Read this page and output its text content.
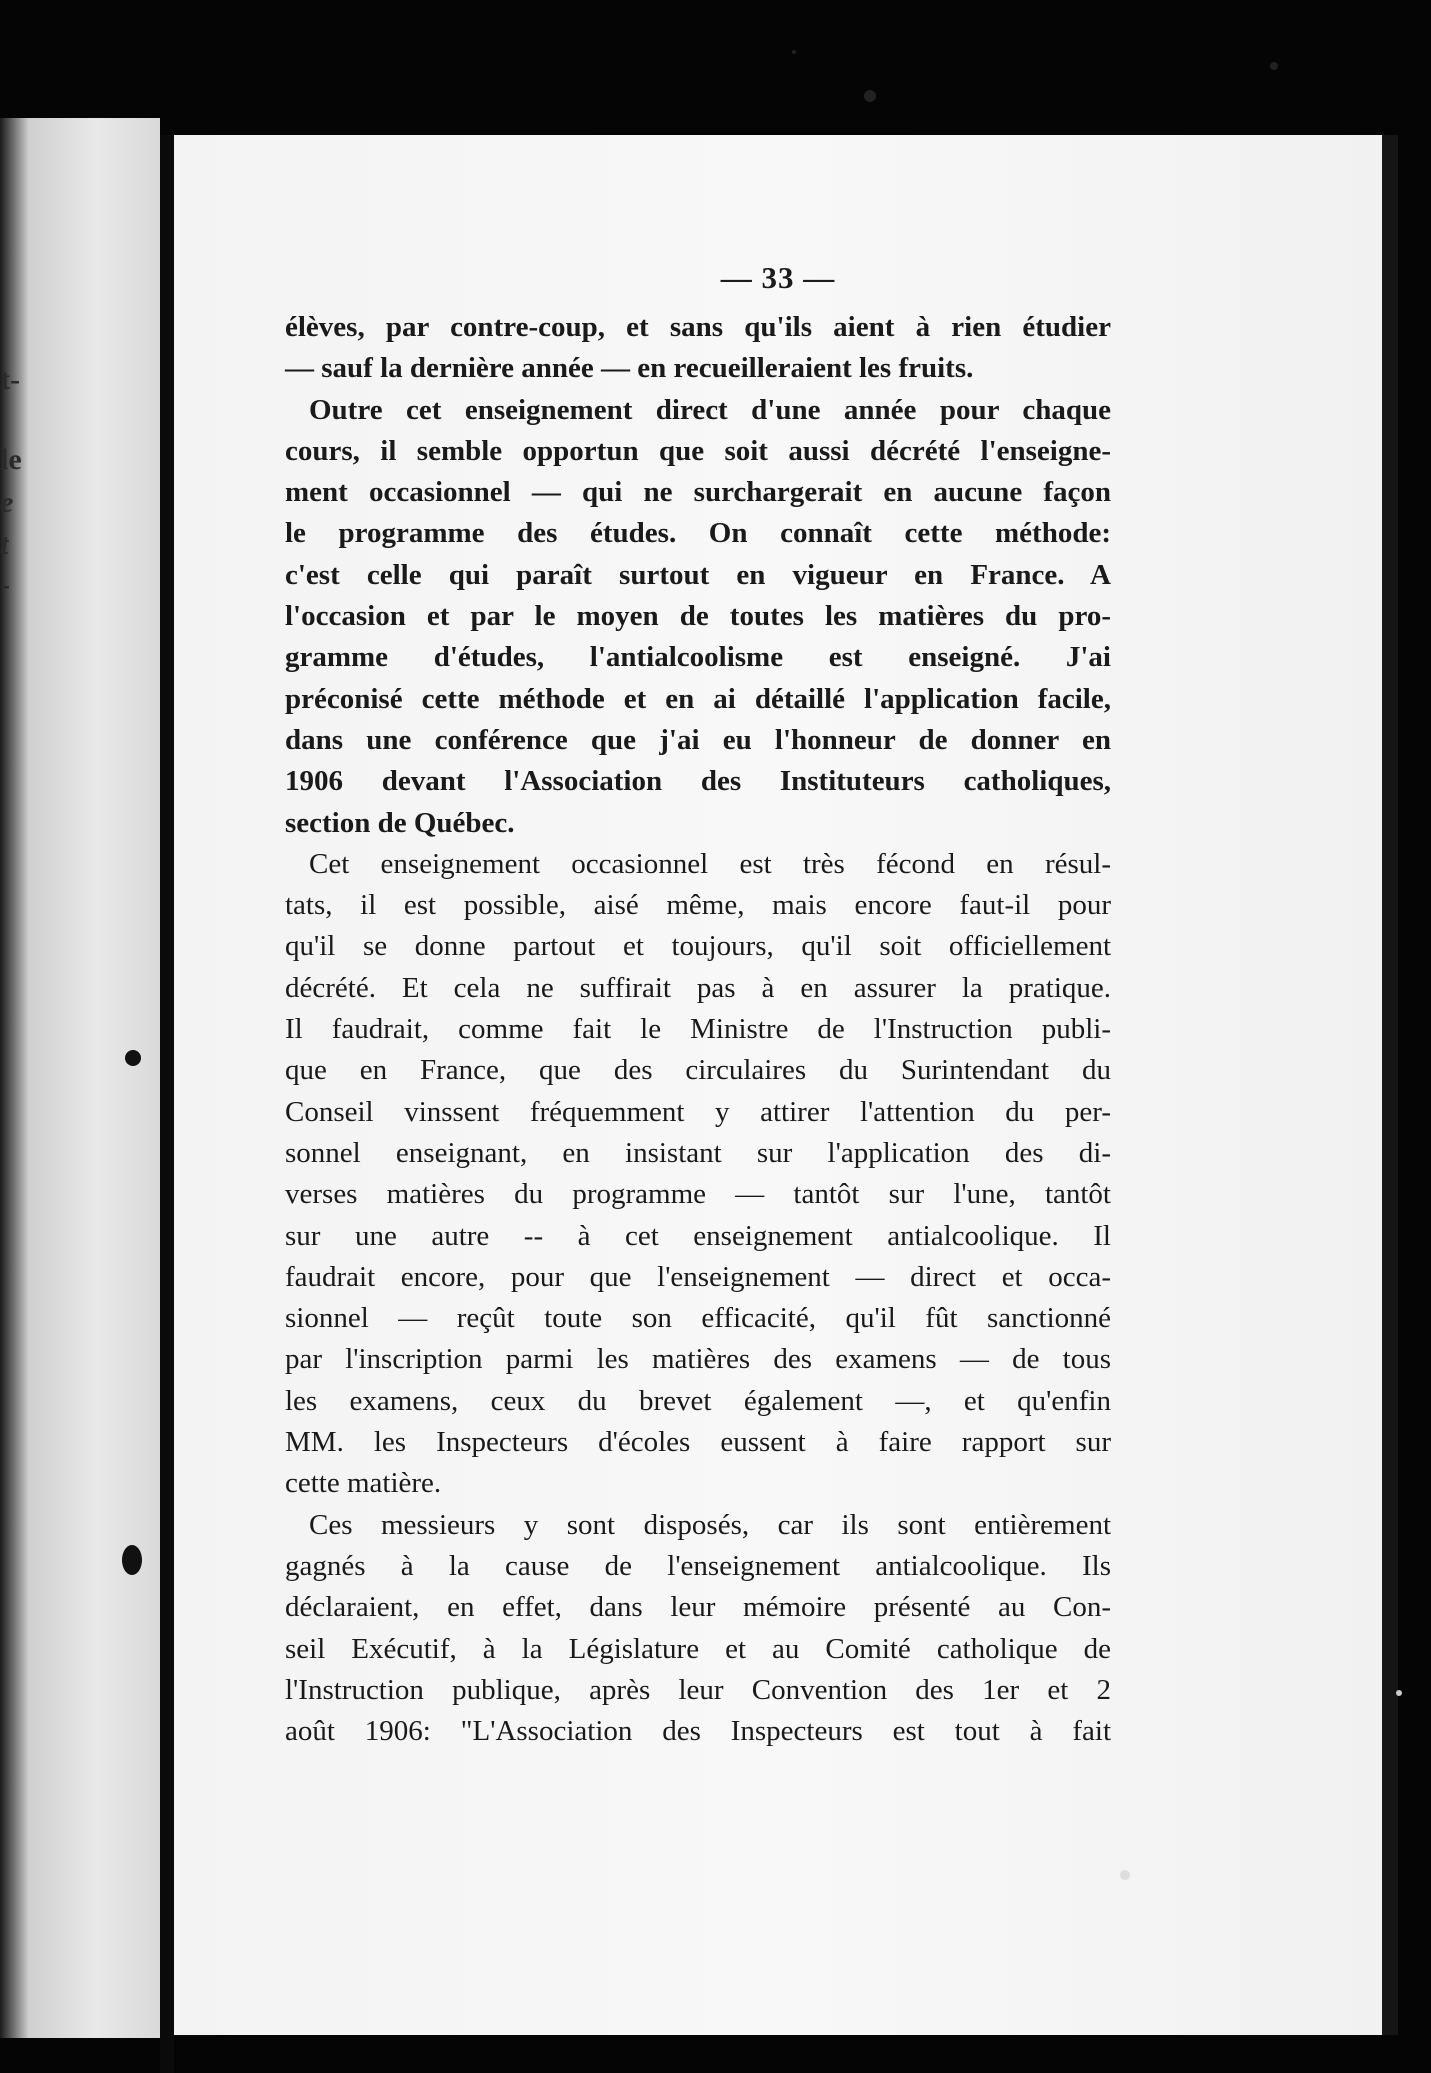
t-
le
e
t
-
— 33 —
élèves, par contre-coup, et sans qu'ils aient à rien étudier
— sauf la dernière année — en recueilleraient les fruits.
Outre cet enseignement direct d'une année pour chaque
cours, il semble opportun que soit aussi décrété l'enseigne-
ment occasionnel — qui ne surchargerait en aucune façon
le programme des études. On connaît cette méthode:
c'est celle qui paraît surtout en vigueur en France. A
l'occasion et par le moyen de toutes les matières du pro-
gramme d'études, l'antialcoolisme est enseigné. J'ai
préconisé cette méthode et en ai détaillé l'application facile,
dans une conférence que j'ai eu l'honneur de donner en
1906 devant l'Association des Instituteurs catholiques,
section de Québec.
Cet enseignement occasionnel est très fécond en résul-
tats, il est possible, aisé même, mais encore faut-il pour
qu'il se donne partout et toujours, qu'il soit officiellement
décrété. Et cela ne suffirait pas à en assurer la pratique.
Il faudrait, comme fait le Ministre de l'Instruction publi-
que en France, que des circulaires du Surintendant du
Conseil vinssent fréquemment y attirer l'attention du per-
sonnel enseignant, en insistant sur l'application des di-
verses matières du programme — tantôt sur l'une, tantôt
sur une autre -- à cet enseignement antialcoolique. Il
faudrait encore, pour que l'enseignement — direct et occa-
sionnel — reçût toute son efficacité, qu'il fût sanctionné
par l'inscription parmi les matières des examens — de tous
les examens, ceux du brevet également —, et qu'enfin
MM. les Inspecteurs d'écoles eussent à faire rapport sur
cette matière.
Ces messieurs y sont disposés, car ils sont entièrement
gagnés à la cause de l'enseignement antialcoolique. Ils
déclaraient, en effet, dans leur mémoire présenté au Con-
seil Exécutif, à la Législature et au Comité catholique de
l'Instruction publique, après leur Convention des 1er et 2
août 1906: "L'Association des Inspecteurs est tout à fait
